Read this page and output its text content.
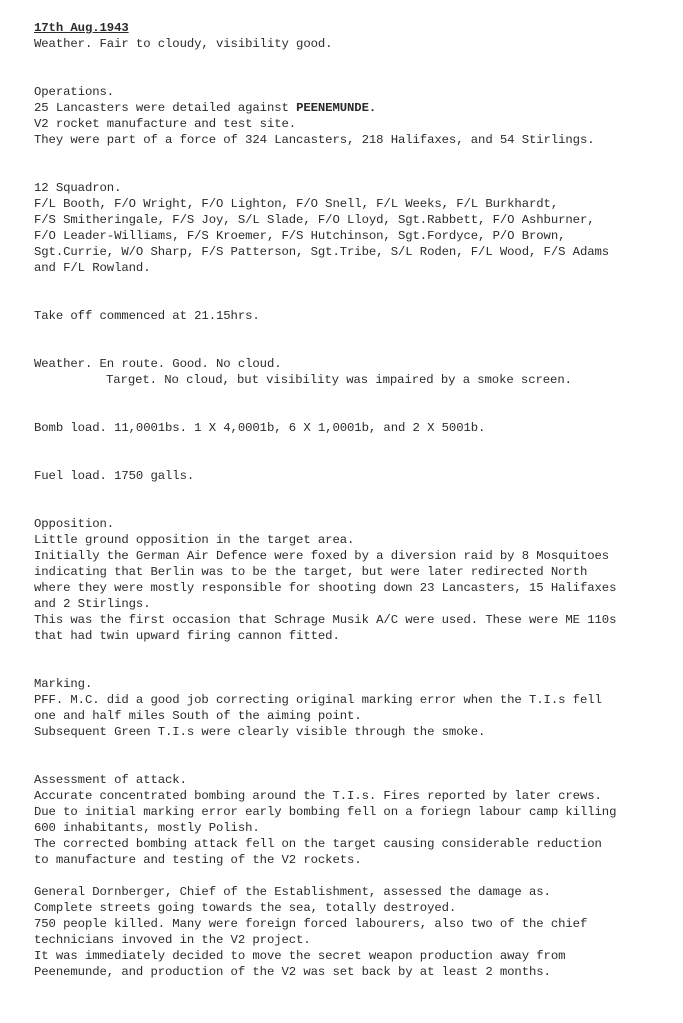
17th Aug.1943
Weather. Fair to cloudy, visibility good.
Operations.
25 Lancasters were detailed against PEENEMUNDE.
V2 rocket manufacture and test site.
They were part of a force of 324 Lancasters, 218 Halifaxes, and 54 Stirlings.
12 Squadron.
F/L Booth, F/O Wright, F/O Lighton, F/O Snell, F/L Weeks, F/L Burkhardt,
F/S Smitheringale, F/S Joy, S/L Slade, F/O Lloyd, Sgt.Rabbett, F/O Ashburner,
F/O Leader-Williams, F/S Kroemer, F/S Hutchinson, Sgt.Fordyce, P/O Brown,
Sgt.Currie, W/O Sharp, F/S Patterson, Sgt.Tribe, S/L Roden, F/L Wood, F/S Adams
and F/L Rowland.
Take off commenced at 21.15hrs.
Weather. En route. Good. No cloud.
Target. No cloud, but visibility was impaired by a smoke screen.
Bomb load. 11,0001bs. 1 X 4,0001b, 6 X 1,0001b, and 2 X 5001b.
Fuel load. 1750 galls.
Opposition.
Little ground opposition in the target area.
Initially the German Air Defence were foxed by a diversion raid by 8 Mosquitoes
indicating that Berlin was to be the target, but were later redirected North
where they were mostly responsible for shooting down 23 Lancasters, 15 Halifaxes
and 2 Stirlings.
This was the first occasion that Schrage Musik A/C were used. These were ME 110s
that had twin upward firing cannon fitted.
Marking.
PFF. M.C. did a good job correcting original marking error when the T.I.s fell
one and half miles South of the aiming point.
Subsequent Green T.I.s were clearly visible through the smoke.
Assessment of attack.
Accurate concentrated bombing around the T.I.s. Fires reported by later crews.
Due to initial marking error early bombing fell on a foriegn labour camp killing
600 inhabitants, mostly Polish.
The corrected bombing attack fell on the target causing considerable reduction
to manufacture and testing of the V2 rockets.
General Dornberger, Chief of the Establishment, assessed the damage as.
Complete streets going towards the sea, totally destroyed.
750 people killed. Many were foreign forced labourers, also two of the chief
technicians invoved in the V2 project.
It was immediately decided to move the secret weapon production away from
Peenemunde, and production of the V2 was set back by at least 2 months.
